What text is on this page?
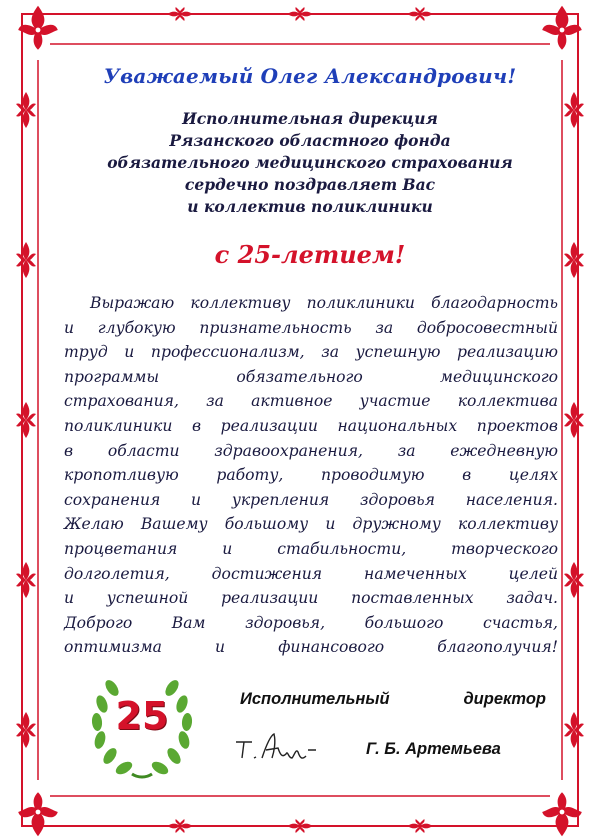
Уважаемый Олег Александрович!
Исполнительная дирекция
Рязанского областного фонда
обязательного медицинского страхования
сердечно поздравляет Вас
и коллектив поликлиники
с 25-летием!
Выражаю коллективу поликлиники благодарность
и глубокую признательность за добросовестный
труд и профессионализм, за успешную реализацию
программы обязательного медицинского
страхования, за активное участие коллектива
поликлиники в реализации национальных проектов
в области здравоохранения, за ежедневную
кропотливую работу, проводимую в целях
сохранения и укрепления здоровья населения.
Желаю Вашему большому и дружному коллективу
процветания и стабильности, творческого
долголетия, достижения намеченных целей
и успешной реализации поставленных задач.
Доброго Вам здоровья, большого счастья,
оптимизма и финансового благополучия!
25	Исполнительный	директор
Г. Б. Артемьева
